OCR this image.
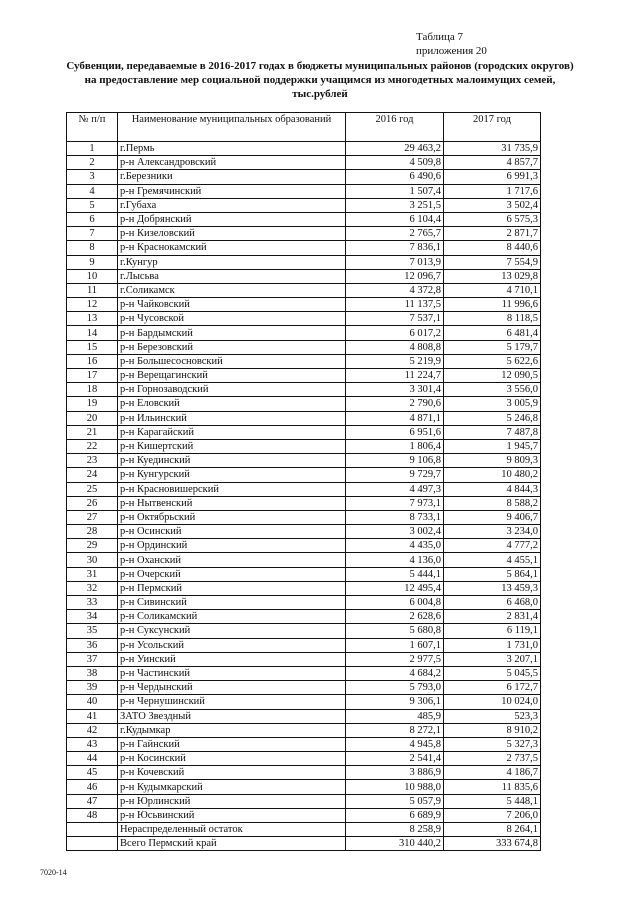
Таблица 7
приложения 20
Субвенции, передаваемые в 2016-2017 годах в бюджеты муниципальных районов (городских округов) на предоставление мер социальной поддержки учащимся из многодетных малоимущих семей, тыс.рублей
№ п/п	Наименование муниципальных образований	2016 год	2017 год
1	г.Пермь	29 463,2	31 735,9
2	р-н Александровский	4 509,8	4 857,7
3	г.Березники	6 490,6	6 991,3
4	р-н Гремячинский	1 507,4	1 717,6
5	г.Губаха	3 251,5	3 502,4
6	р-н Добрянский	6 104,4	6 575,3
7	р-н Кизеловский	2 765,7	2 871,7
8	р-н Краснокамский	7 836,1	8 440,6
9	г.Кунгур	7 013,9	7 554,9
10	г.Лысьва	12 096,7	13 029,8
11	г.Соликамск	4 372,8	4 710,1
12	р-н Чайковский	11 137,5	11 996,6
13	р-н Чусовской	7 537,1	8 118,5
14	р-н Бардымский	6 017,2	6 481,4
15	р-н Березовский	4 808,8	5 179,7
16	р-н Большесосновский	5 219,9	5 622,6
17	р-н Верещагинский	11 224,7	12 090,5
18	р-н Горнозаводский	3 301,4	3 556,0
19	р-н Еловский	2 790,6	3 005,9
20	р-н Ильинский	4 871,1	5 246,8
21	р-н Карагайский	6 951,6	7 487,8
22	р-н Кишертский	1 806,4	1 945,7
23	р-н Куединский	9 106,8	9 809,3
24	р-н Кунгурский	9 729,7	10 480,2
25	р-н Красновишерский	4 497,3	4 844,3
26	р-н Нытвенский	7 973,1	8 588,2
27	р-н Октябрьский	8 733,1	9 406,7
28	р-н Осинский	3 002,4	3 234,0
29	р-н Ординский	4 435,0	4 777,2
30	р-н Оханский	4 136,0	4 455,1
31	р-н Очерский	5 444,1	5 864,1
32	р-н Пермский	12 495,4	13 459,3
33	р-н Сивинский	6 004,8	6 468,0
34	р-н Соликамский	2 628,6	2 831,4
35	р-н Суксунский	5 680,8	6 119,1
36	р-н Усольский	1 607,1	1 731,0
37	р-н Уинский	2 977,5	3 207,1
38	р-н Частинский	4 684,2	5 045,5
39	р-н Чердынский	5 793,0	6 172,7
40	р-н Чернушинский	9 306,1	10 024,0
41	ЗАТО Звездный	485,9	523,3
42	г.Кудымкар	8 272,1	8 910,2
43	р-н Гайнский	4 945,8	5 327,3
44	р-н Косинский	2 541,4	2 737,5
45	р-н Кочевский	3 886,9	4 186,7
46	р-н Кудымкарский	10 988,0	11 835,6
47	р-н Юрлинский	5 057,9	5 448,1
48	р-н Юсьвинский	6 689,9	7 206,0
	Нераспределенный остаток	8 258,9	8 264,1
	Всего Пермский край	310 440,2	333 674,8
7020-14
